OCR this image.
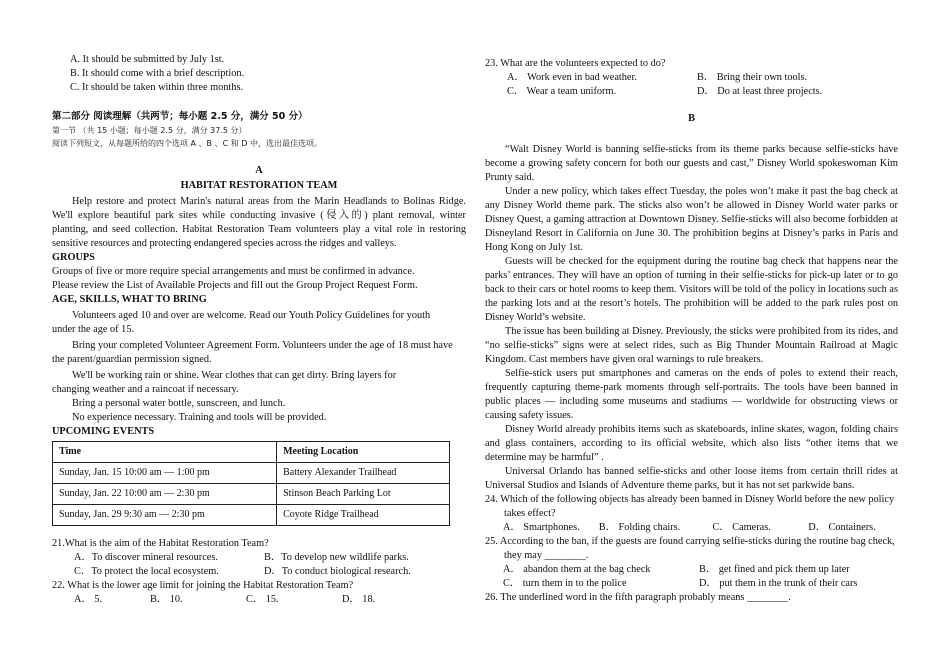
A. It should be submitted by July 1st.

B. It should come with a brief description.

C. It should be taken within three months.

第二部分 阅读理解（共两节；每小题 2.5 分，满分 50 分）

第一节 （共 15 小题；每小题 2.5 分，满分 37.5 分）

阅读下列短文，从每题所给的四个选项 A 、B 、C 和 D 中，选出最佳选项。

A

HABITAT RESTORATION TEAM

Help restore and protect Marin's natural areas from the Marin Headlands to Bolinas Ridge. We'll explore beautiful park sites while conducting invasive (侵入的) plant removal, winter planting, and seed collection. Habitat Restoration Team volunteers play a vital role in restoring sensitive resources and protecting endangered species across the ridges and valleys.

GROUPS

Groups of five or more require special arrangements and must be confirmed in advance.

Please review the List of Available Projects and fill out the Group Project Request Form.

AGE, SKILLS, WHAT TO BRING

Volunteers aged 10 and over are welcome. Read our Youth Policy Guidelines for youth under the age of 15.

Bring your completed Volunteer Agreement Form. Volunteers under the age of 18 must have the parent/guardian permission signed.

We'll be working rain or shine. Wear clothes that can get dirty. Bring layers for changing weather and a raincoat if necessary.

Bring a personal water bottle, sunscreen, and lunch.

No experience necessary. Training and tools will be provided.

UPCOMING EVENTS

Time	Meeting Location
Sunday, Jan. 15 10:00 am — 1:00 pm	Battery Alexander Trailhead
Sunday, Jan. 22 10:00 am — 2:30 pm	Stinson Beach Parking Lot
Sunday, Jan. 29 9:30 am — 2:30 pm	Coyote Ridge Trailhead

21.What is the aim of the Habitat Restoration Team?

A．To discover mineral resources.	B．To develop new wildlife parks.
C．To protect the local ecosystem.	D．To conduct biological research.

22. What is the lower age limit for joining the Habitat Restoration Team?

A． 5.	B． 10.	C． 15.	D． 18.

23. What are the volunteers expected to do?

A． Work even in bad weather.	B． Bring their own tools.
C． Wear a team uniform.	D． Do at least three projects.

B

“Walt Disney World is banning selfie-sticks from its theme parks because selfie-sticks have become a growing safety concern for both our guests and cast,” Disney World spokeswoman Kim Prunty said.

Under a new policy, which takes effect Tuesday, the poles won’t make it past the bag check at any Disney World theme park. The sticks also won’t be allowed in Disney World water parks or Disney Quest, a gaming attraction at Downtown Disney. Selfie-sticks will also become forbidden at Disneyland Resort in California on June 30. The prohibition begins at Disney’s parks in Paris and Hong Kong on July 1st.

Guests will be checked for the equipment during the routine bag check that happens near the parks’ entrances. They will have an option of turning in their selfie-sticks for pick-up later or to go back to their cars or hotel rooms to keep them. Visitors will be told of the policy in locations such as the parking lots and at the resort’s hotels. The prohibition will be added to the park rules post on Disney World’s website.

The issue has been building at Disney. Previously, the sticks were prohibited from its rides, and “no selfie-sticks” signs were at select rides, such as Big Thunder Mountain Railroad at Magic Kingdom. Cast members have given oral warnings to rule breakers.

Selfie-stick users put smartphones and cameras on the ends of poles to extend their reach, frequently capturing theme-park moments through self-portraits. The tools have been banned in public places — including some museums and stadiums — worldwide for obstructing views or causing safety issues.

Disney World already prohibits items such as skateboards, inline skates, wagon, folding chairs and glass containers, according to its official website, which also lists “other items that we determine may be harmful” .

Universal Orlando has banned selfie-sticks and other loose items from certain thrill rides at Universal Studios and Islands of Adventure theme parks, but it has not set parkwide bans.

24. Which of the following objects has already been banned in Disney World before the new policy takes effect?

A． Smartphones.	B． Folding chairs.	C． Cameras.	D． Containers.

25. According to the ban, if the guests are found carrying selfie-sticks during the routine bag check, they may ________.

A． abandon them at the bag check	B． get fined and pick them up later
C． turn them in to the police	D． put them in the trunk of their cars

26. The underlined word in the fifth paragraph probably means ________.
